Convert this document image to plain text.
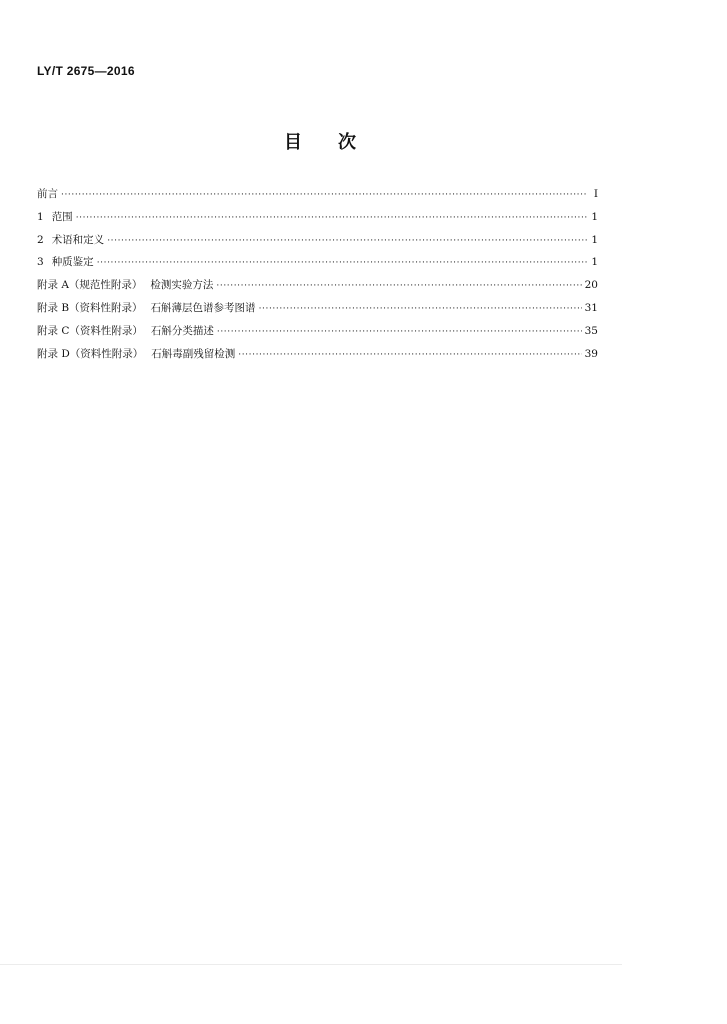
LY/T 2675—2016
目 次
前言 ·····	Ⅰ
1 范围 ·····	1
2 术语和定义 ·····	1
3 种质鉴定 ·····	1
附录 A（规范性附录） 检测实验方法 ·····	20
附录 B（资料性附录） 石斛薄层色谱参考图谱 ·····	31
附录 C（资料性附录） 石斛分类描述 ·····	35
附录 D（资料性附录） 石斛毒副残留检测 ·····	39
